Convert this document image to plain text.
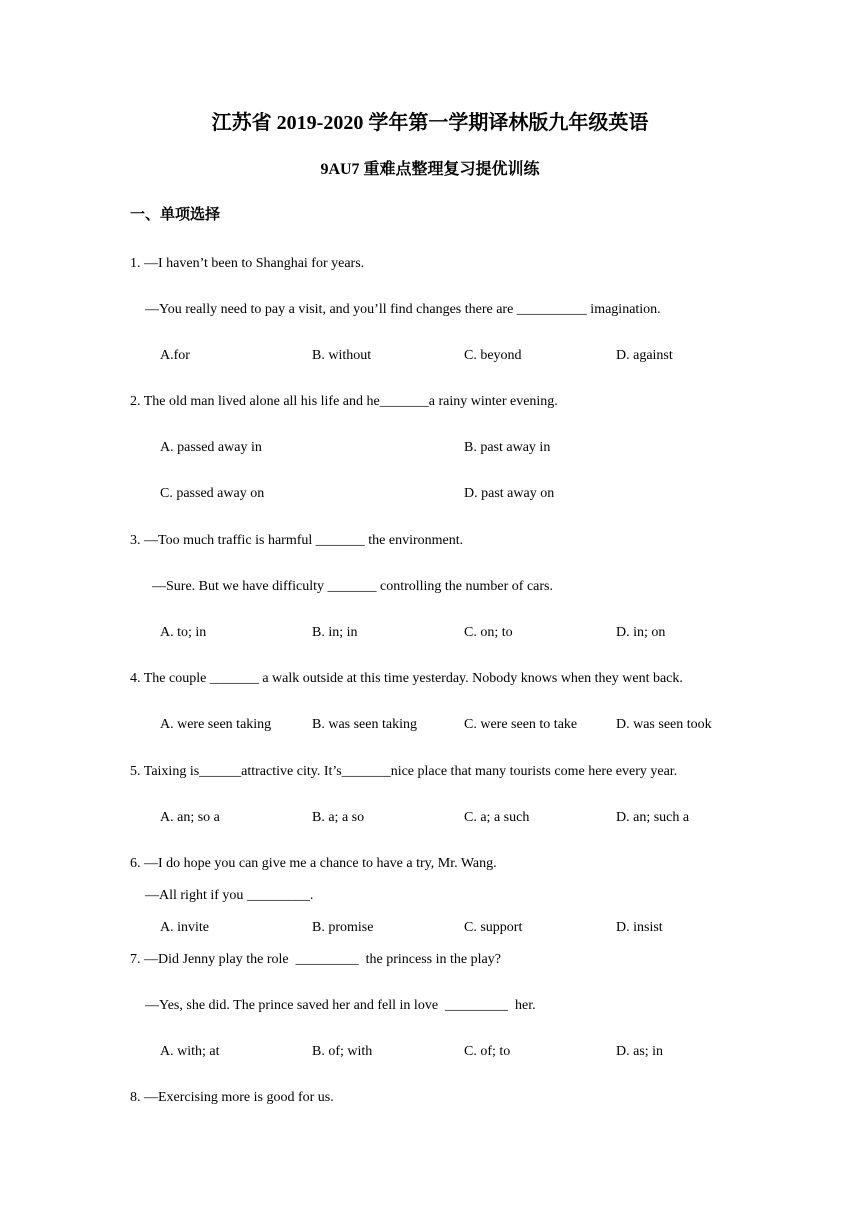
江苏省 2019-2020 学年第一学期译林版九年级英语
9AU7 重难点整理复习提优训练
一、单项选择
1. —I haven’t been to Shanghai for years.
—You really need to pay a visit, and you’ll find changes there are __________ imagination.
A.for	B. without	C. beyond	D. against
2. The old man lived alone all his life and he_______a rainy winter evening.
A. passed away in	B. past away in
C. passed away on	D. past away on
3. —Too much traffic is harmful _______ the environment.
—Sure. But we have difficulty _______ controlling the number of cars.
A. to; in	B. in; in	C. on; to	D. in; on
4. The couple _______ a walk outside at this time yesterday. Nobody knows when they went back.
A. were seen taking	B. was seen taking	C. were seen to take	D. was seen took
5. Taixing is______attractive city. It’s_______nice place that many tourists come here every year.
A. an; so a	B. a; a so	C. a; a such	D. an; such a
6. —I do hope you can give me a chance to have a try, Mr. Wang.
—All right if you _________.
A. invite	B. promise	C. support	D. insist
7. —Did Jenny play the role  _________  the princess in the play?
—Yes, she did. The prince saved her and fell in love  _________  her.
A. with; at	B. of; with	C. of; to	D. as; in
8. —Exercising more is good for us.
